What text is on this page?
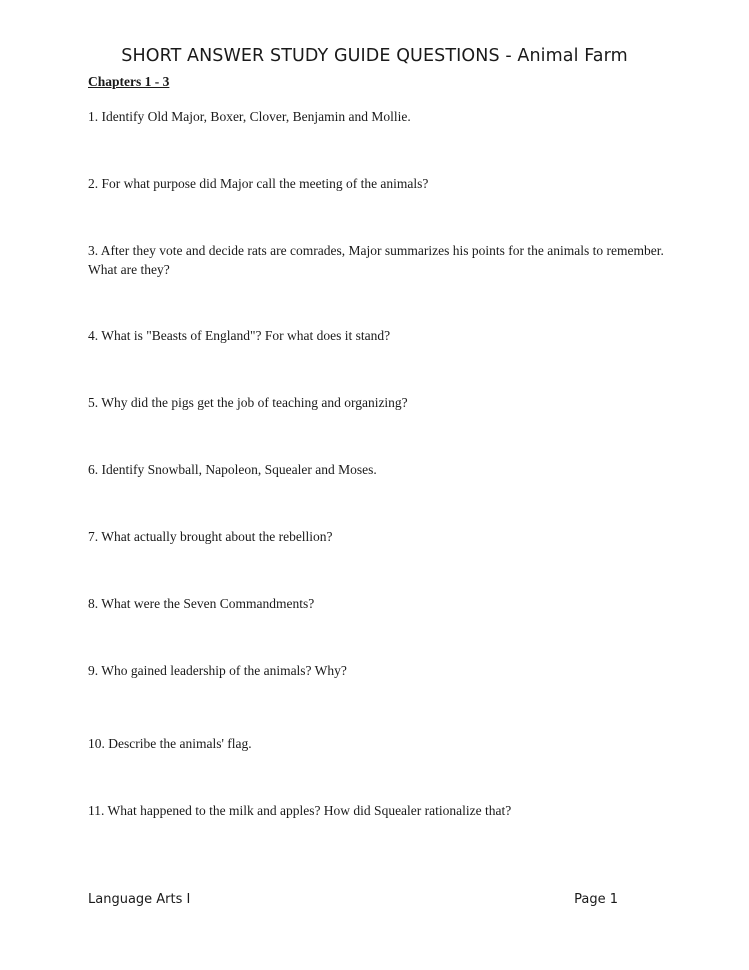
SHORT ANSWER STUDY GUIDE QUESTIONS - Animal Farm
Chapters 1 - 3
1. Identify Old Major, Boxer, Clover, Benjamin and Mollie.
2. For what purpose did Major call the meeting of the animals?
3. After they vote and decide rats are comrades, Major summarizes his points for the animals to remember. What are they?
4. What is "Beasts of England"? For what does it stand?
5. Why did the pigs get the job of teaching and organizing?
6. Identify Snowball, Napoleon, Squealer and Moses.
7. What actually brought about the rebellion?
8. What were the Seven Commandments?
9. Who gained leadership of the animals? Why?
10. Describe the animals' flag.
11. What happened to the milk and apples? How did Squealer rationalize that?
Language Arts I	Page 1
